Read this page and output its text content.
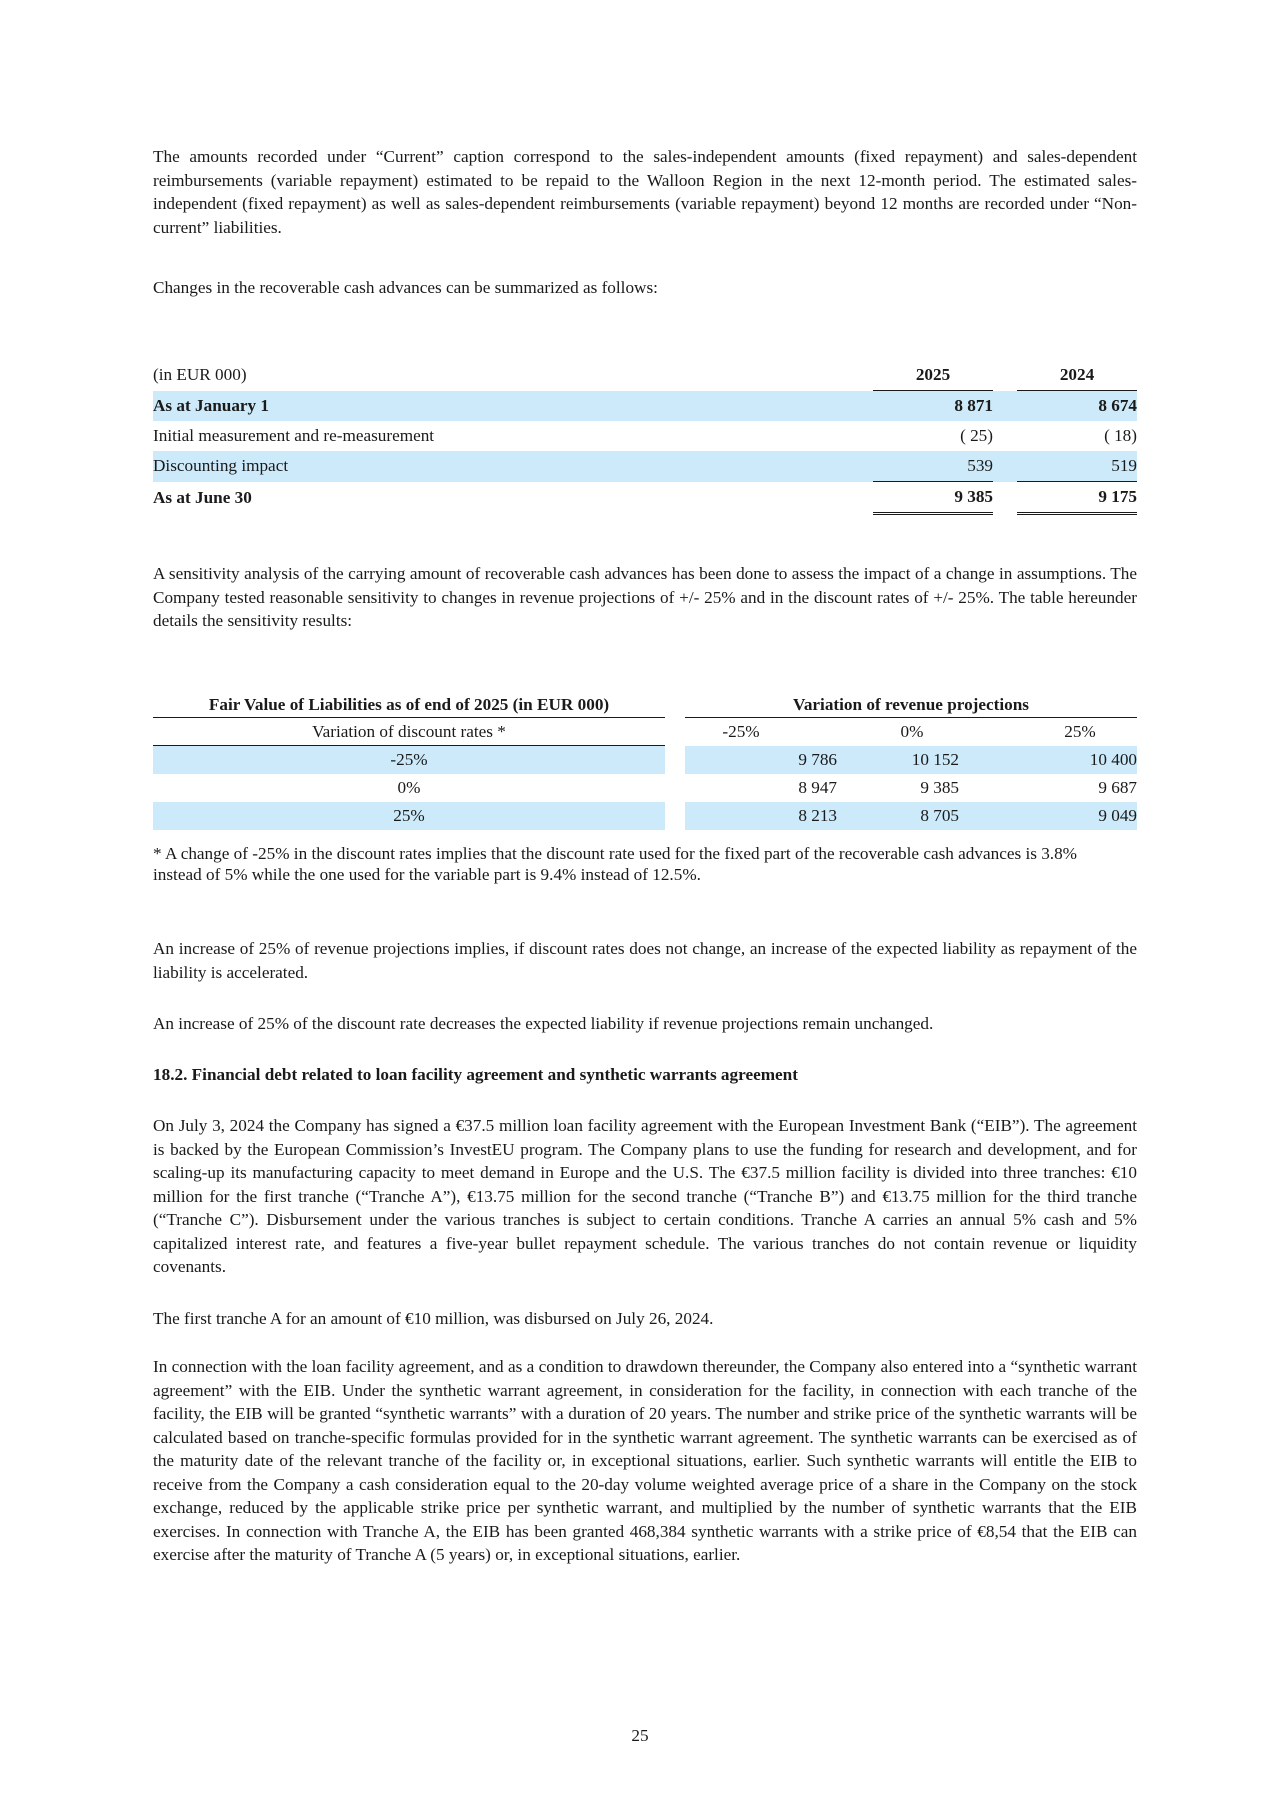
The amounts recorded under “Current” caption correspond to the sales-independent amounts (fixed repayment) and sales-dependent reimbursements (variable repayment) estimated to be repaid to the Walloon Region in the next 12-month period. The estimated sales-independent (fixed repayment) as well as sales-dependent reimbursements (variable repayment) beyond 12 months are recorded under “Non-current” liabilities.
Changes in the recoverable cash advances can be summarized as follows:
(in EUR 000)	2025		2024
As at January 1	8 871		8 674
Initial measurement and re-measurement	( 25)		( 18)
Discounting impact	539		519
As at June 30	9 385		9 175
A sensitivity analysis of the carrying amount of recoverable cash advances has been done to assess the impact of a change in assumptions. The Company tested reasonable sensitivity to changes in revenue projections of +/- 25% and in the discount rates of +/- 25%. The table hereunder details the sensitivity results:
Fair Value of Liabilities as of end of 2025 (in EUR 000)		Variation of revenue projections		
Variation of discount rates *		-25%	0%	25%
-25%		9 786	10 152	10 400
0%		8 947	9 385	9 687
25%		8 213	8 705	9 049
* A change of -25% in the discount rates implies that the discount rate used for the fixed part of the recoverable cash advances is 3.8% instead of 5% while the one used for the variable part is 9.4% instead of 12.5%.
An increase of 25% of revenue projections implies, if discount rates does not change, an increase of the expected liability as repayment of the liability is accelerated.
An increase of 25% of the discount rate decreases the expected liability if revenue projections remain unchanged.
18.2. Financial debt related to loan facility agreement and synthetic warrants agreement
On July 3, 2024 the Company has signed a €37.5 million loan facility agreement with the European Investment Bank (“EIB”). The agreement is backed by the European Commission’s InvestEU program. The Company plans to use the funding for research and development, and for scaling-up its manufacturing capacity to meet demand in Europe and the U.S. The €37.5 million facility is divided into three tranches: €10 million for the first tranche (“Tranche A”), €13.75 million for the second tranche (“Tranche B”) and €13.75 million for the third tranche (“Tranche C”). Disbursement under the various tranches is subject to certain conditions. Tranche A carries an annual 5% cash and 5% capitalized interest rate, and features a five-year bullet repayment schedule. The various tranches do not contain revenue or liquidity covenants.
The first tranche A for an amount of €10 million, was disbursed on July 26, 2024.
In connection with the loan facility agreement, and as a condition to drawdown thereunder, the Company also entered into a “synthetic warrant agreement” with the EIB. Under the synthetic warrant agreement, in consideration for the facility, in connection with each tranche of the facility, the EIB will be granted “synthetic warrants” with a duration of 20 years. The number and strike price of the synthetic warrants will be calculated based on tranche-specific formulas provided for in the synthetic warrant agreement. The synthetic warrants can be exercised as of the maturity date of the relevant tranche of the facility or, in exceptional situations, earlier. Such synthetic warrants will entitle the EIB to receive from the Company a cash consideration equal to the 20-day volume weighted average price of a share in the Company on the stock exchange, reduced by the applicable strike price per synthetic warrant, and multiplied by the number of synthetic warrants that the EIB exercises. In connection with Tranche A, the EIB has been granted 468,384 synthetic warrants with a strike price of €8,54 that the EIB can exercise after the maturity of Tranche A (5 years) or, in exceptional situations, earlier.
25
